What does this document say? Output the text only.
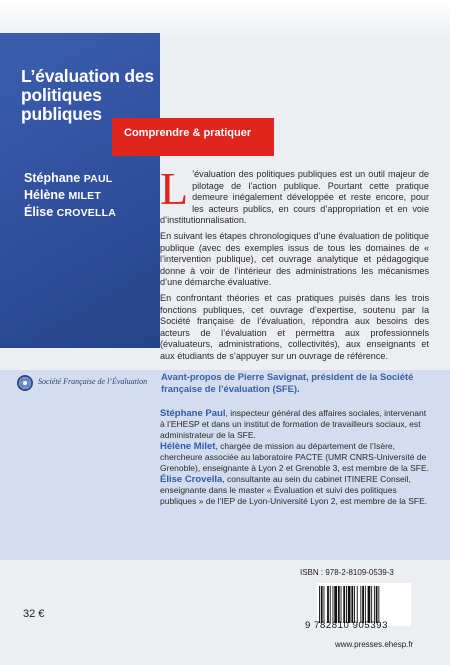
L’évaluation des politiques publiques
Comprendre & pratiquer
Stéphane PAUL
Hélène MILET
Élise CROVELLA
Société Française de l’Évaluation

L ’évaluation des politiques publiques est un outil majeur de pilotage de l’action publique. Pourtant cette pratique demeure inégalement développée et reste encore, pour les acteurs publics, en cours d’appropriation et en voie d’institutionnalisation.

En suivant les étapes chronologiques d’une évaluation de politique publique (avec des exemples issus de tous les domaines de « l’intervention publique), cet ouvrage analytique et pédagogique donne à voir de l’intérieur des administrations les mécanismes d’une démarche évaluative.

En confrontant théories et cas pratiques puisés dans les trois fonctions publiques, cet ouvrage d’expertise, soutenu par la Société française de l’évaluation, répondra aux besoins des acteurs de l’évaluation et permettra aux professionnels (évaluateurs, administrations, collectivités), aux enseignants et aux étudiants de s’appuyer sur un ouvrage de référence.

Avant-propos de Pierre Savignat, président de la Société française de l’évaluation (SFE).

Stéphane Paul, inspecteur général des affaires sociales, intervenant à l’EHESP et dans un institut de formation de travailleurs sociaux, est administrateur de la SFE.

Hélène Milet, chargée de mission au département de l’Isère, chercheure associée au laboratoire PACTE (UMR CNRS-Université de Grenoble), enseignante à Lyon 2 et Grenoble 3, est membre de la SFE.

Élise Crovella, consultante au sein du cabinet ITINERE Conseil, enseignante dans le master « Évaluation et suivi des politiques publiques » de l’IEP de Lyon-Université Lyon 2, est membre de la SFE.

ISBN : 978-2-8109-0539-3
9 782810 905393
www.presses.ehesp.fr
32 €
